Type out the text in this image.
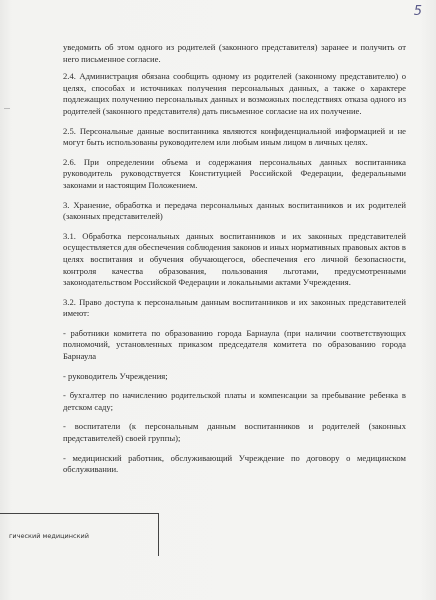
5

уведомить об этом одного из родителей (законного представителя) заранее и получить от него письменное согласие.

2.4. Администрация обязана сообщить одному из родителей (законному представителю) о целях, способах и источниках получения персональных данных, а также о характере подлежащих получению персональных данных и возможных последствиях отказа одного из родителей (законного представителя) дать письменное согласие на их получение.

2.5. Персональные данные воспитанника являются конфиденциальной информацией и не могут быть использованы руководителем или любым иным лицом в личных целях.

2.6. При определении объема и содержания персональных данных воспитанника руководитель руководствуется Конституцией Российской Федерации, федеральными законами и настоящим Положением.

3. Хранение, обработка и передача персональных данных воспитанников и их родителей (законных представителей)

3.1. Обработка персональных данных воспитанников и их законных представителей осуществляется для обеспечения соблюдения законов и иных нормативных правовых актов в целях воспитания и обучения обучающегося, обеспечения его личной безопасности, контроля качества образования, пользования льготами, предусмотренными законодательством Российской Федерации и локальными актами Учреждения.

3.2. Право доступа к персональным данным воспитанников и их законных представителей имеют:

- работники комитета по образованию города Барнаула (при наличии соответствующих полномочий, установленных приказом председателя комитета по образованию города Барнаула

- руководитель Учреждения;

- бухгалтер по начислению родительской платы и компенсации за пребывание ребенка в детском саду;

- воспитатели (к персональным данным воспитанников и родителей (законных представителей) своей группы);

- медицинский работник, обслуживающий Учреждение по договору о медицинском обслуживании.

гический медицинский
